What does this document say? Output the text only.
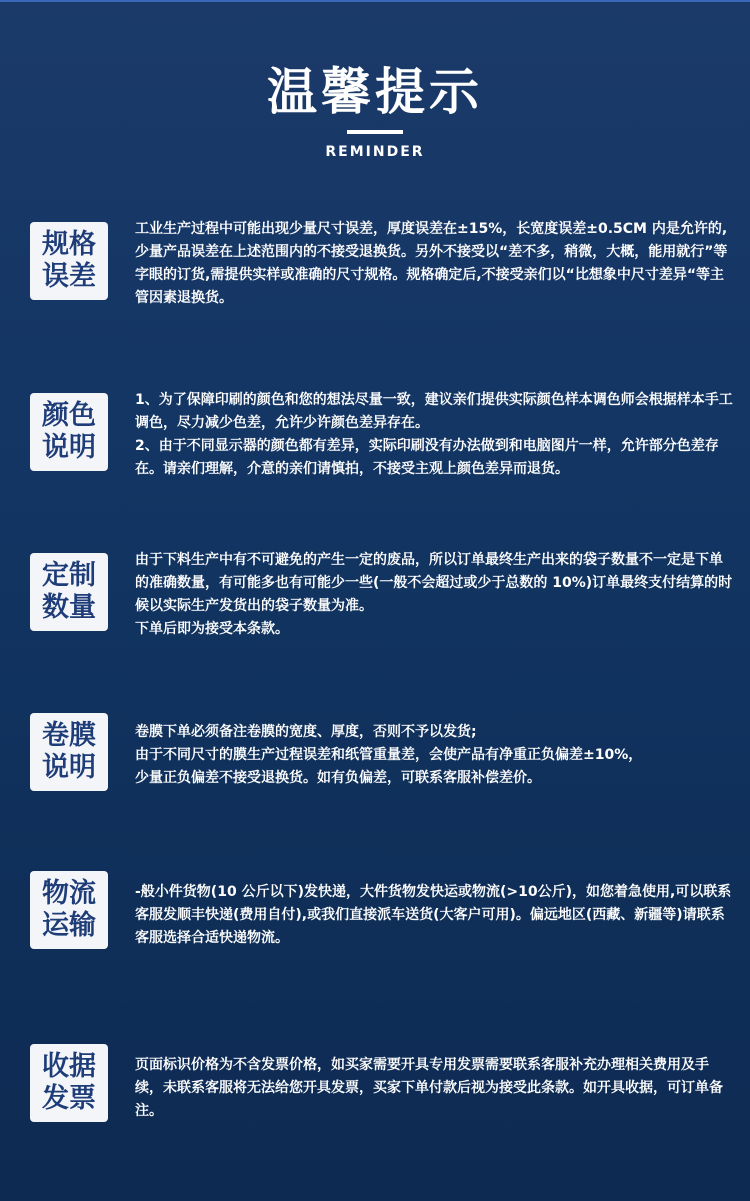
温馨提示
REMINDER
规格
误差

工业生产过程中可能出现少量尺寸误差，厚度误差在±15%，长宽度误差±0.5CM 内是允许的,少量产品误差在上述范围内的不接受退换货。另外不接受以“差不多，稍微，大概，能用就行”等字眼的订货,需提供实样或准确的尺寸规格。规格确定后,不接受亲们以“比想象中尺寸差异“等主管因素退换货。

颜色
说明

1、为了保障印刷的颜色和您的想法尽量一致，建议亲们提供实际颜色样本调色师会根据样本手工调色，尽力减少色差，允许少许颜色差异存在。

2、由于不同显示器的颜色都有差异，实际印刷没有办法做到和电脑图片一样，允许部分色差存在。请亲们理解，介意的亲们请慎拍，不接受主观上颜色差异而退货。

定制
数量

由于下料生产中有不可避免的产生一定的废品，所以订单最终生产出来的袋子数量不一定是下单的准确数量，有可能多也有可能少一些(一般不会超过或少于总数的 10%)订单最终支付结算的时候以实际生产发货出的袋子数量为准。

下单后即为接受本条款。

卷膜
说明

卷膜下单必须备注卷膜的宽度、厚度，否则不予以发货;

由于不同尺寸的膜生产过程误差和纸管重量差，会使产品有净重正负偏差±10%，

少量正负偏差不接受退换货。如有负偏差，可联系客服补偿差价。

物流
运输

-般小件货物(10 公斤以下)发快递，大件货物发快运或物流(>10公斤)，如您着急使用,可以联系客服发顺丰快递(费用自付),或我们直接派车送货(大客户可用)。偏远地区(西藏、新疆等)请联系客服选择合适快递物流。

收据
发票

页面标识价格为不含发票价格，如买家需要开具专用发票需要联系客服补充办理相关费用及手续，未联系客服将无法给您开具发票，买家下单付款后视为接受此条款。如开具收据，可订单备注。
